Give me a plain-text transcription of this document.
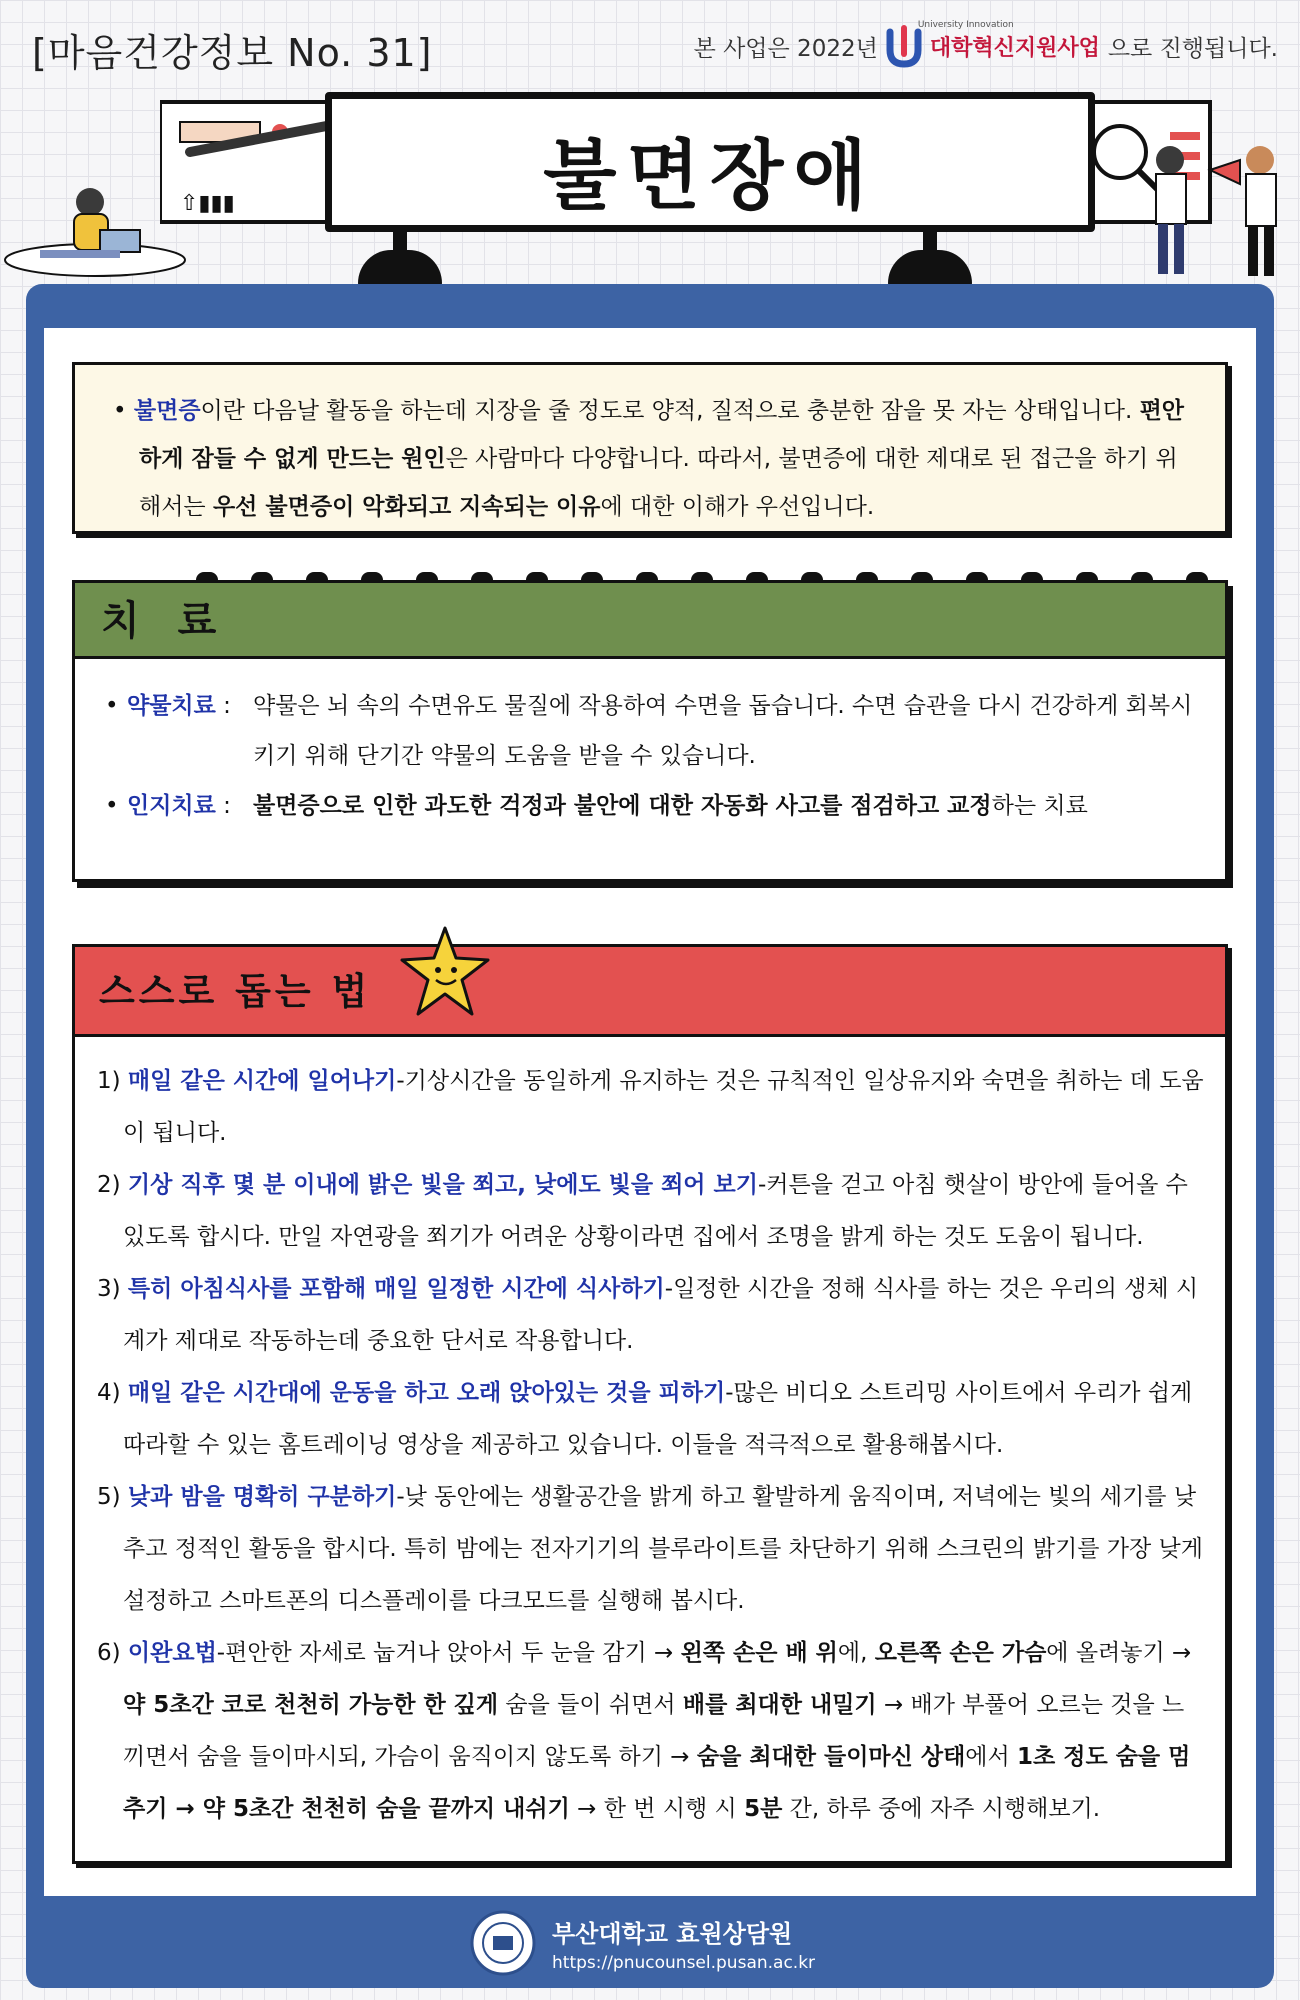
[마음건강정보 No. 31]	본 사업은 2022년
University Innovation
대학혁신지원사업 으로 진행됩니다.
⇧▮▮▮	불면장애

• 불면증이란 다음날 활동을 하는데 지장을 줄 정도로 양적, 질적으로 충분한 잠을 못 자는 상태입니다. 편안하게 잠들 수 없게 만드는 원인은 사람마다 다양합니다. 따라서, 불면증에 대한 제대로 된 접근을 하기 위해서는 우선 불면증이 악화되고 지속되는 이유에 대한 이해가 우선입니다.

치료
• 약물치료 : 약물은 뇌 속의 수면유도 물질에 작용하여 수면을 돕습니다. 수면 습관을 다시 건강하게 회복시키기 위해 단기간 약물의 도움을 받을 수 있습니다.
• 인지치료 : 불면증으로 인한 과도한 걱정과 불안에 대한 자동화 사고를 점검하고 교정하는 치료
스스로 돕는 법

1) 매일 같은 시간에 일어나기-기상시간을 동일하게 유지하는 것은 규칙적인 일상유지와 숙면을 취하는 데 도움이 됩니다.

2) 기상 직후 몇 분 이내에 밝은 빛을 쬐고, 낮에도 빛을 쬐어 보기-커튼을 걷고 아침 햇살이 방안에 들어올 수 있도록 합시다. 만일 자연광을 쬐기가 어려운 상황이라면 집에서 조명을 밝게 하는 것도 도움이 됩니다.

3) 특히 아침식사를 포함해 매일 일정한 시간에 식사하기-일정한 시간을 정해 식사를 하는 것은 우리의 생체 시계가 제대로 작동하는데 중요한 단서로 작용합니다.

4) 매일 같은 시간대에 운동을 하고 오래 앉아있는 것을 피하기-많은 비디오 스트리밍 사이트에서 우리가 쉽게 따라할 수 있는 홈트레이닝 영상을 제공하고 있습니다. 이들을 적극적으로 활용해봅시다.

5) 낮과 밤을 명확히 구분하기-낮 동안에는 생활공간을 밝게 하고 활발하게 움직이며, 저녁에는 빛의 세기를 낮추고 정적인 활동을 합시다. 특히 밤에는 전자기기의 블루라이트를 차단하기 위해 스크린의 밝기를 가장 낮게 설정하고 스마트폰의 디스플레이를 다크모드를 실행해 봅시다.

6) 이완요법-편안한 자세로 눕거나 앉아서 두 눈을 감기 → 왼쪽 손은 배 위에, 오른쪽 손은 가슴에 올려놓기 → 약 5초간 코로 천천히 가능한 한 깊게 숨을 들이 쉬면서 배를 최대한 내밀기 → 배가 부풀어 오르는 것을 느끼면서 숨을 들이마시되, 가슴이 움직이지 않도록 하기 → 숨을 최대한 들이마신 상태에서 1초 정도 숨을 멈추기 → 약 5초간 천천히 숨을 끝까지 내쉬기 → 한 번 시행 시 5분 간, 하루 중에 자주 시행해보기.

부산대학교 효원상담원
https://pnucounsel.pusan.ac.kr
